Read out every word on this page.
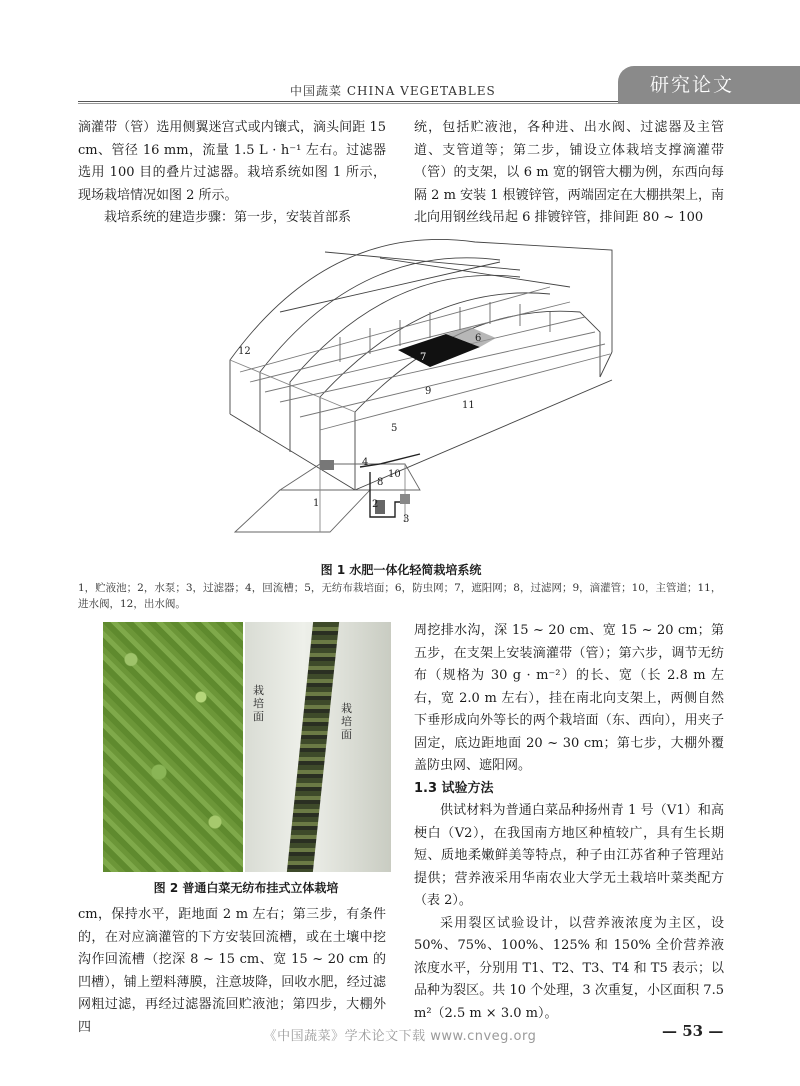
中国蔬菜 CHINA VEGETABLES	研究论文

滴灌带（管）选用侧翼迷宫式或内镶式，滴头间距 15 cm、管径 16 mm，流量 1.5 L · h⁻¹ 左右。过滤器选用 100 目的叠片过滤器。栽培系统如图 1 所示，现场栽培情况如图 2 所示。

栽培系统的建造步骤：第一步，安装首部系

统，包括贮液池，各种进、出水阀、过滤器及主管道、支管道等；第二步，铺设立体栽培支撑滴灌带（管）的支架，以 6 m 宽的钢管大棚为例，东西向每隔 2 m 安装 1 根镀锌管，两端固定在大棚拱架上，南北向用钢丝线吊起 6 排镀锌管，排间距 80 ~ 100

1	2
3
4
5
6
7
8
9
10
11
12
图 1 水肥一体化轻简栽培系统
1，贮液池；2，水泵；3，过滤器；4，回流槽；5，无纺布栽培面；6，防虫网；7，遮阳网；8，过滤网；9，滴灌管；10，主管道；11，进水阀，12，出水阀。
栽培面
栽培面
图 2 普通白菜无纺布挂式立体栽培

cm，保持水平，距地面 2 m 左右；第三步，有条件的，在对应滴灌管的下方安装回流槽，或在土壤中挖沟作回流槽（挖深 8 ~ 15 cm、宽 15 ~ 20 cm 的凹槽），铺上塑料薄膜，注意坡降，回收水肥，经过滤网粗过滤，再经过滤器流回贮液池；第四步，大棚外四

周挖排水沟，深 15 ~ 20 cm、宽 15 ~ 20 cm；第五步，在支架上安装滴灌带（管）；第六步，调节无纺布（规格为 30 g · m⁻²）的长、宽（长 2.8 m 左右，宽 2.0 m 左右），挂在南北向支架上，两侧自然下垂形成向外等长的两个栽培面（东、西向），用夹子固定，底边距地面 20 ~ 30 cm；第七步，大棚外覆盖防虫网、遮阳网。

1.3 试验方法

供试材料为普通白菜品种扬州青 1 号（V1）和高梗白（V2），在我国南方地区种植较广，具有生长期短、质地柔嫩鲜美等特点，种子由江苏省种子管理站提供；营养液采用华南农业大学无土栽培叶菜类配方（表 2）。

采用裂区试验设计，以营养液浓度为主区，设 50%、75%、100%、125% 和 150% 全价营养液浓度水平，分别用 T1、T2、T3、T4 和 T5 表示；以品种为裂区。共 10 个处理，3 次重复，小区面积 7.5 m²（2.5 m × 3.0 m）。

《中国蔬菜》学术论文下载 www.cnveg.org	— 53 —
